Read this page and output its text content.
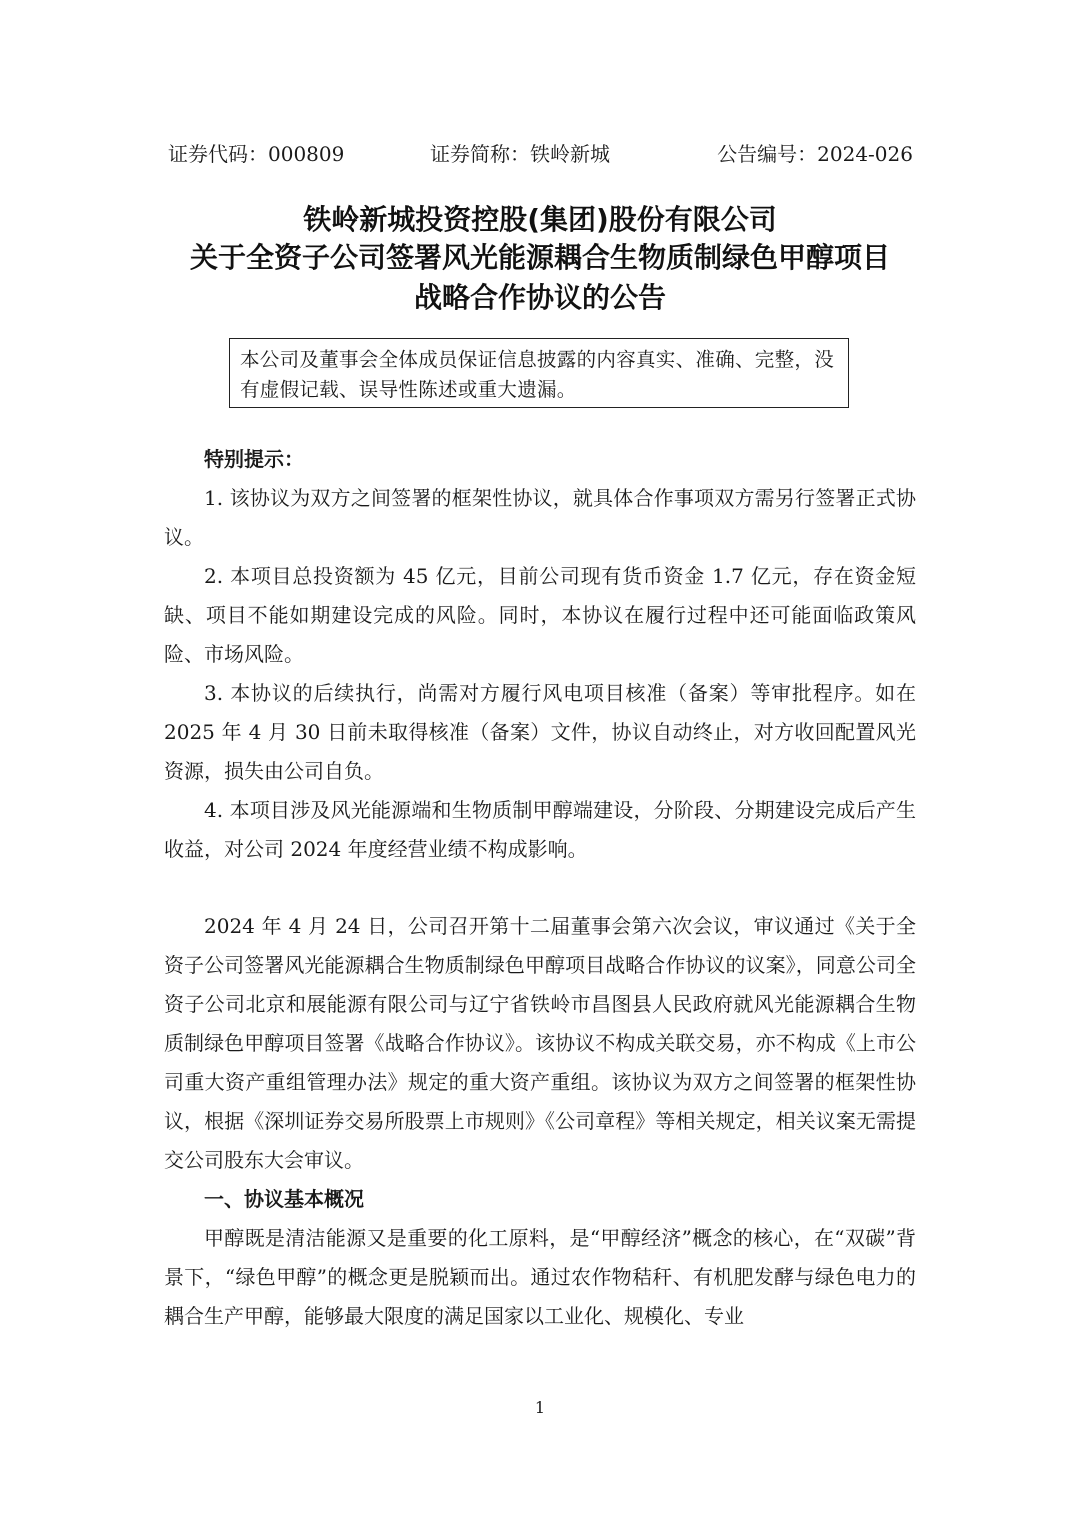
证券代码：000809	证券简称：铁岭新城	公告编号：2024-026
铁岭新城投资控股(集团)股份有限公司
关于全资子公司签署风光能源耦合生物质制绿色甲醇项目
战略合作协议的公告
本公司及董事会全体成员保证信息披露的内容真实、准确、完整，没有虚假记载、误导性陈述或重大遗漏。

特别提示：

1. 该协议为双方之间签署的框架性协议，就具体合作事项双方需另行签署正式协议。

2. 本项目总投资额为 45 亿元，目前公司现有货币资金 1.7 亿元，存在资金短缺、项目不能如期建设完成的风险。同时，本协议在履行过程中还可能面临政策风险、市场风险。

3. 本协议的后续执行，尚需对方履行风电项目核准（备案）等审批程序。如在 2025 年 4 月 30 日前未取得核准（备案）文件，协议自动终止，对方收回配置风光资源，损失由公司自负。

4. 本项目涉及风光能源端和生物质制甲醇端建设，分阶段、分期建设完成后产生收益，对公司 2024 年度经营业绩不构成影响。

2024 年 4 月 24 日，公司召开第十二届董事会第六次会议，审议通过《关于全资子公司签署风光能源耦合生物质制绿色甲醇项目战略合作协议的议案》，同意公司全资子公司北京和展能源有限公司与辽宁省铁岭市昌图县人民政府就风光能源耦合生物质制绿色甲醇项目签署《战略合作协议》。该协议不构成关联交易，亦不构成《上市公司重大资产重组管理办法》规定的重大资产重组。该协议为双方之间签署的框架性协议，根据《深圳证券交易所股票上市规则》《公司章程》等相关规定，相关议案无需提交公司股东大会审议。

一、协议基本概况

甲醇既是清洁能源又是重要的化工原料，是“甲醇经济”概念的核心，在“双碳”背景下，“绿色甲醇”的概念更是脱颖而出。通过农作物秸秆、有机肥发酵与绿色电力的耦合生产甲醇，能够最大限度的满足国家以工业化、规模化、专业

1
